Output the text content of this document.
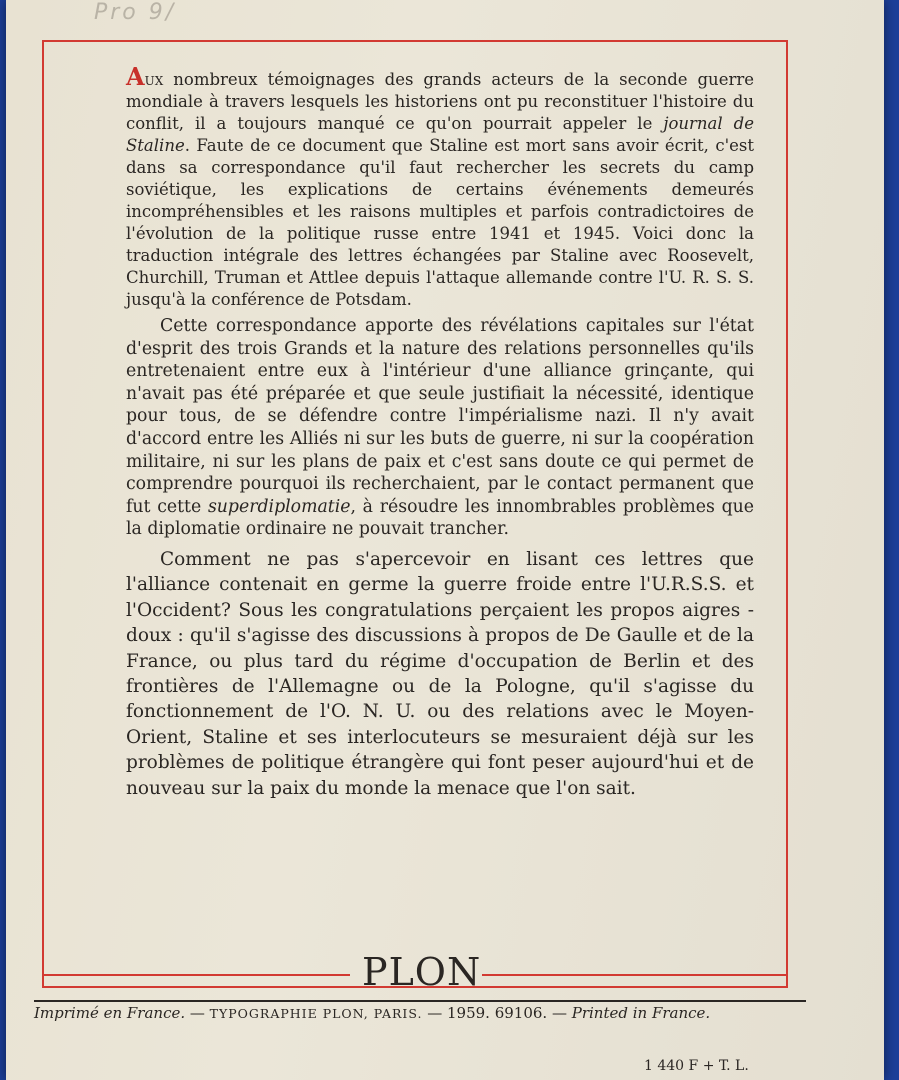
Pro 9/

Aux nombreux témoignages des grands acteurs de la seconde guerre mondiale à travers lesquels les historiens ont pu reconstituer l'histoire du conflit, il a toujours manqué ce qu'on pourrait appeler le journal de Staline. Faute de ce document que Staline est mort sans avoir écrit, c'est dans sa correspondance qu'il faut rechercher les secrets du camp soviétique, les explications de certains événements demeurés incompréhensibles et les raisons multiples et parfois contradictoires de l'évolution de la politique russe entre 1941 et 1945. Voici donc la traduction intégrale des lettres échangées par Staline avec Roosevelt, Churchill, Truman et Attlee depuis l'attaque allemande contre l'U. R. S. S. jusqu'à la conférence de Potsdam.

Cette correspondance apporte des révélations capitales sur l'état d'esprit des trois Grands et la nature des relations personnelles qu'ils entretenaient entre eux à l'intérieur d'une alliance grinçante, qui n'avait pas été préparée et que seule justifiait la nécessité, identique pour tous, de se défendre contre l'impérialisme nazi. Il n'y avait d'accord entre les Alliés ni sur les buts de guerre, ni sur la coopération militaire, ni sur les plans de paix et c'est sans doute ce qui permet de comprendre pourquoi ils recherchaient, par le contact permanent que fut cette superdiplomatie, à résoudre les innombrables problèmes que la diplomatie ordinaire ne pouvait trancher.

Comment ne pas s'apercevoir en lisant ces lettres que l'alliance contenait en germe la guerre froide entre l'U.R.S.S. et l'Occident? Sous les congratulations perçaient les propos aigres - doux : qu'il s'agisse des discussions à propos de De Gaulle et de la France, ou plus tard du régime d'occupation de Berlin et des frontières de l'Allemagne ou de la Pologne, qu'il s'agisse du fonctionnement de l'O. N. U. ou des relations avec le Moyen-Orient, Staline et ses interlocuteurs se mesuraient déjà sur les problèmes de politique étrangère qui font peser aujourd'hui et de nouveau sur la paix du monde la menace que l'on sait.

PLON
Imprimé en France. — TYPOGRAPHIE PLON, PARIS. — 1959. 69106. — Printed in France.
1 440 F + T. L.
